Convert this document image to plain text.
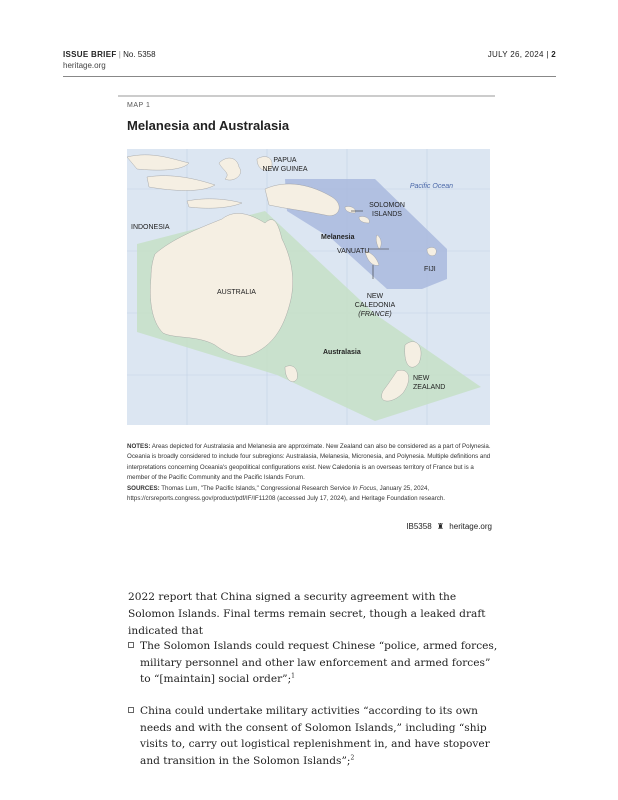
ISSUE BRIEF | No. 5358
heritage.org
JULY 26, 2024 | 2
MAP 1
Melanesia and Australasia
PAPUA
NEW GUINEA
Pacific Ocean
SOLOMON
ISLANDS
INDONESIA
Melanesia
VANUATU
FIJI
AUSTRALIA
NEW
CALEDONIA
(FRANCE)
Australasia
NEW
ZEALAND
NOTES: Areas depicted for Australasia and Melanesia are approximate. New Zealand can also be considered as a part of Polynesia. Oceania is broadly considered to include four subregions: Australasia, Melanesia, Micronesia, and Polynesia. Multiple definitions and interpretations concerning Oceania's geopolitical configurations exist. New Caledonia is an overseas territory of France but is a member of the Pacific Community and the Pacific Islands Forum.
SOURCES: Thomas Lum, "The Pacific Islands," Congressional Research Service In Focus, January 25, 2024, https://crsreports.congress.gov/product/pdf/IF/IF11208 (accessed July 17, 2024), and Heritage Foundation research.
IB5358 ♜ heritage.org

2022 report that China signed a security agreement with the Solomon Islands. Final terms remain secret, though a leaked draft indicated that

The Solomon Islands could request Chinese “police, armed forces, military personnel and other law enforcement and armed forces” to “[maintain] social order”;$^1$
China could undertake military activities “according to its own needs and with the consent of Solomon Islands,” including “ship visits to, carry out logistical replenishment in, and have stopover and transition in the Solomon Islands”;$^2$
